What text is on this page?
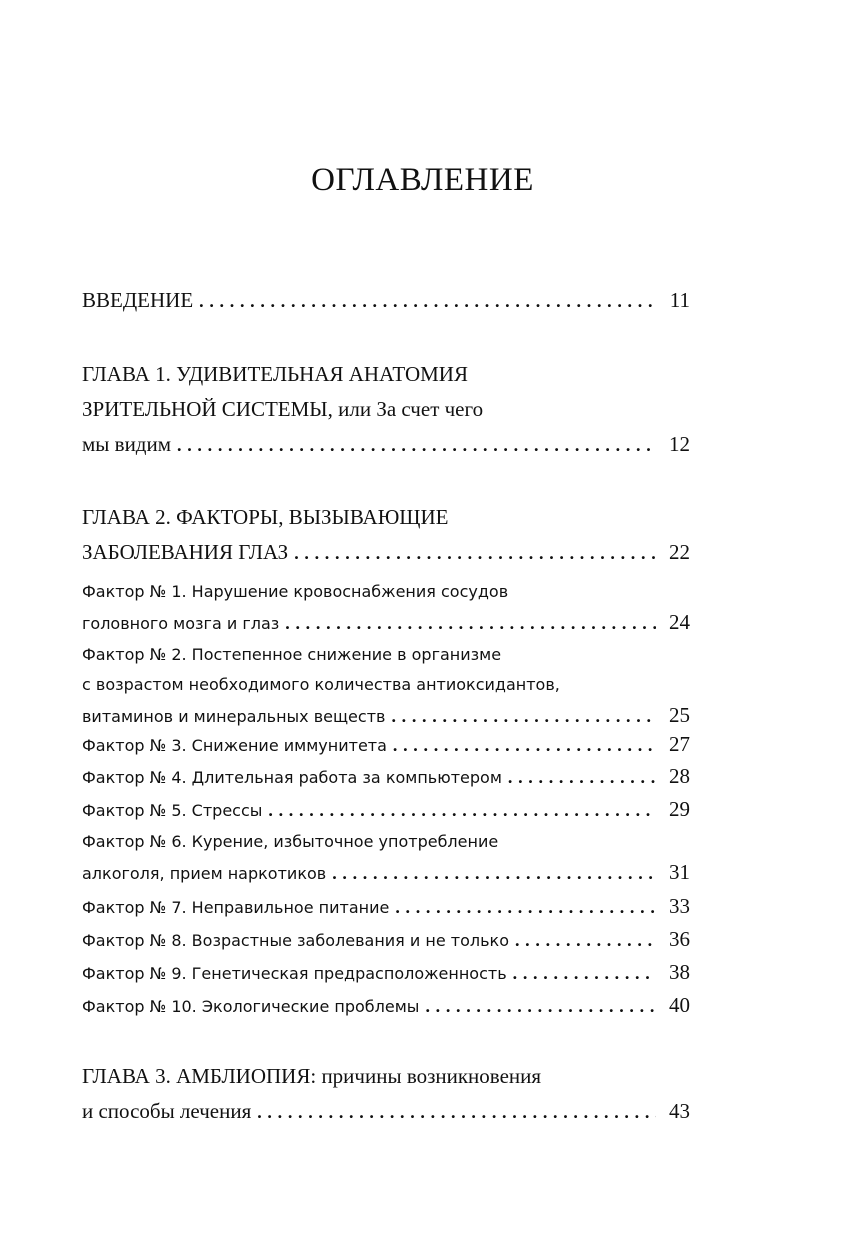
ОГЛАВЛЕНИЕ
ВВЕДЕНИЕ . . .	11
ГЛАВА 1. УДИВИТЕЛЬНАЯ АНАТОМИЯ
ЗРИТЕЛЬНОЙ СИСТЕМЫ, или За счет чего
мы видим . . .	12
ГЛАВА 2. ФАКТОРЫ, ВЫЗЫВАЮЩИЕ
ЗАБОЛЕВАНИЯ ГЛАЗ . . .	22
Фактор № 1. Нарушение кровоснабжения сосудов
головного мозга и глаз . . .	24
Фактор № 2. Постепенное снижение в организме
с возрастом необходимого количества антиоксидантов,
витаминов и минеральных веществ . . .	25
Фактор № 3. Снижение иммунитета . . .	27
Фактор № 4. Длительная работа за компьютером . . .	28
Фактор № 5. Стрессы . . .	29
Фактор № 6. Курение, избыточное употребление
алкоголя, прием наркотиков . . .	31
Фактор № 7. Неправильное питание . . .	33
Фактор № 8. Возрастные заболевания и не только . . .	36
Фактор № 9. Генетическая предрасположенность . . .	38
Фактор № 10. Экологические проблемы . . .	40
ГЛАВА 3. АМБЛИОПИЯ: причины возникновения
и способы лечения . . .	43
